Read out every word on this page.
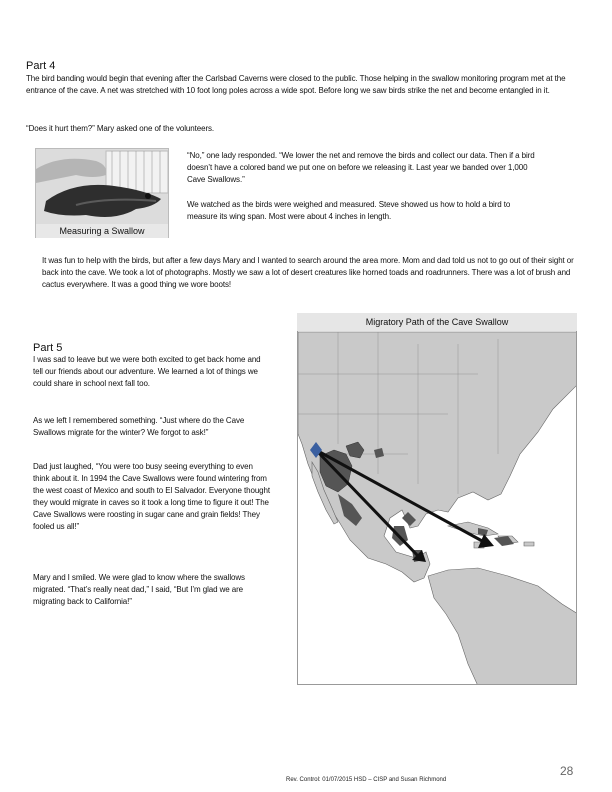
Part 4

The bird banding would begin that evening after the Carlsbad Caverns were closed to the public. Those helping in the swallow monitoring program met at the entrance of the cave. A net was stretched with 10 foot long poles across a wide spot. Before long we saw birds strike the net and become entangled in it.

“Does it hurt them?” Mary asked one of the volunteers.

Measuring a Swallow

“No,” one lady responded. “We lower the net and remove the birds and collect our data. Then if a bird doesn’t have a colored band we put one on before we releasing it. Last year we banded over 1,000 Cave Swallows.”

We watched as the birds were weighed and measured. Steve showed us how to hold a bird to measure its wing span. Most were about 4 inches in length.

It was fun to help with the birds, but after a few days Mary and I wanted to search around the area more. Mom and dad told us not to go out of their sight or back into the cave. We took a lot of photographs. Mostly we saw a lot of desert creatures like horned toads and roadrunners. There was a lot of brush and cactus everywhere. It was a good thing we wore boots!

Migratory Path of the Cave Swallow
Part 5

I was sad to leave but we were both excited to get back home and tell our friends about our adventure. We learned a lot of things we could share in school next fall too.

As we left I remembered something. “Just where do the Cave Swallows migrate for the winter? We forgot to ask!”

Dad just laughed, “You were too busy seeing everything to even think about it. In 1994 the Cave Swallows were found wintering from the west coast of Mexico and south to El Salvador. Everyone thought they would migrate in caves so it took a long time to figure it out! The Cave Swallows were roosting in sugar cane and grain fields! They fooled us all!”

Mary and I smiled. We were glad to know where the swallows migrated. “That’s really neat dad,” I said, “But I’m glad we are migrating back to California!”

Rev. Control: 01/07/2015 HSD – CISP and Susan Richmond
28
